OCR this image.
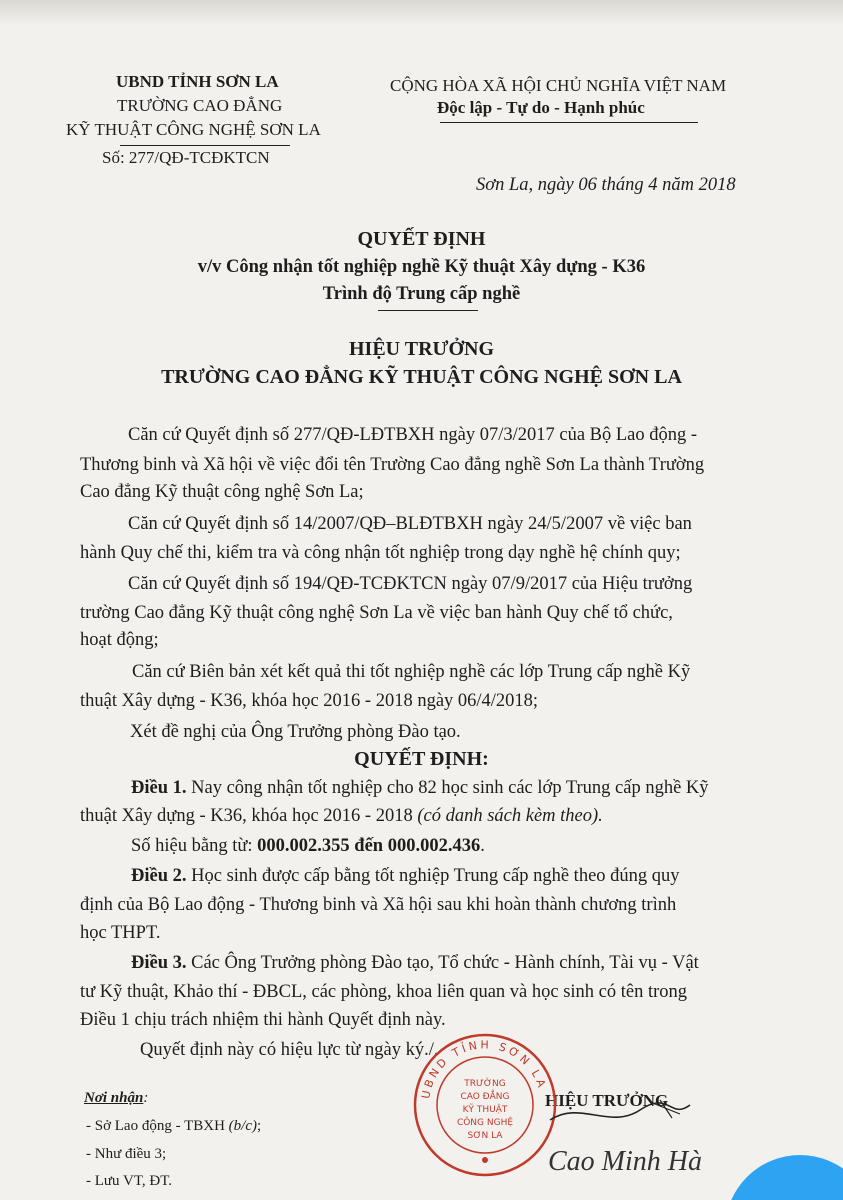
UBND TỈNH SƠN LA
TRƯỜNG CAO ĐẲNG
KỸ THUẬT CÔNG NGHỆ SƠN LA
Số: 277/QĐ-TCĐKTCN
CỘNG HÒA XÃ HỘI CHỦ NGHĨA VIỆT NAM
Độc lập - Tự do - Hạnh phúc
Sơn La, ngày 06 tháng 4 năm 2018
QUYẾT ĐỊNH
v/v Công nhận tốt nghiệp nghề Kỹ thuật Xây dựng - K36
Trình độ Trung cấp nghề
HIỆU TRƯỞNG
TRƯỜNG CAO ĐẲNG KỸ THUẬT CÔNG NGHỆ SƠN LA
Căn cứ Quyết định số 277/QĐ-LĐTBXH ngày 07/3/2017 của Bộ Lao động -
Thương binh và Xã hội về việc đổi tên Trường Cao đẳng nghề Sơn La thành Trường
Cao đẳng Kỹ thuật công nghệ Sơn La;
Căn cứ Quyết định số 14/2007/QĐ–BLĐTBXH ngày 24/5/2007 về việc ban
hành Quy chế thi, kiểm tra và công nhận tốt nghiệp trong dạy nghề hệ chính quy;
Căn cứ Quyết định số 194/QĐ-TCĐKTCN ngày 07/9/2017 của Hiệu trưởng
trường Cao đẳng Kỹ thuật công nghệ Sơn La về việc ban hành Quy chế tổ chức,
hoạt động;
Căn cứ Biên bản xét kết quả thi tốt nghiệp nghề các lớp Trung cấp nghề Kỹ
thuật Xây dựng - K36, khóa học 2016 - 2018 ngày 06/4/2018;
Xét đề nghị của Ông Trưởng phòng Đào tạo.
QUYẾT ĐỊNH:
Điều 1. Nay công nhận tốt nghiệp cho 82 học sinh các lớp Trung cấp nghề Kỹ
thuật Xây dựng - K36, khóa học 2016 - 2018 (có danh sách kèm theo).
Số hiệu bằng từ: 000.002.355 đến 000.002.436.
Điều 2. Học sinh được cấp bằng tốt nghiệp Trung cấp nghề theo đúng quy
định của Bộ Lao động - Thương binh và Xã hội sau khi hoàn thành chương trình
học THPT.
Điều 3. Các Ông Trưởng phòng Đào tạo, Tổ chức - Hành chính, Tài vụ - Vật
tư Kỹ thuật, Khảo thí - ĐBCL, các phòng, khoa liên quan và học sinh có tên trong
Điều 1 chịu trách nhiệm thi hành Quyết định này.
Quyết định này có hiệu lực từ ngày ký./.
Nơi nhận:
- Sở Lao động - TBXH (b/c);
- Như điều 3;
- Lưu VT, ĐT.
HIỆU TRƯỞNG
UBND TỈNH SƠN LA
TRƯỜNG
CAO ĐẲNG
KỸ THUẬT
CÔNG NGHỆ
SƠN LA
Cao Minh Hà
